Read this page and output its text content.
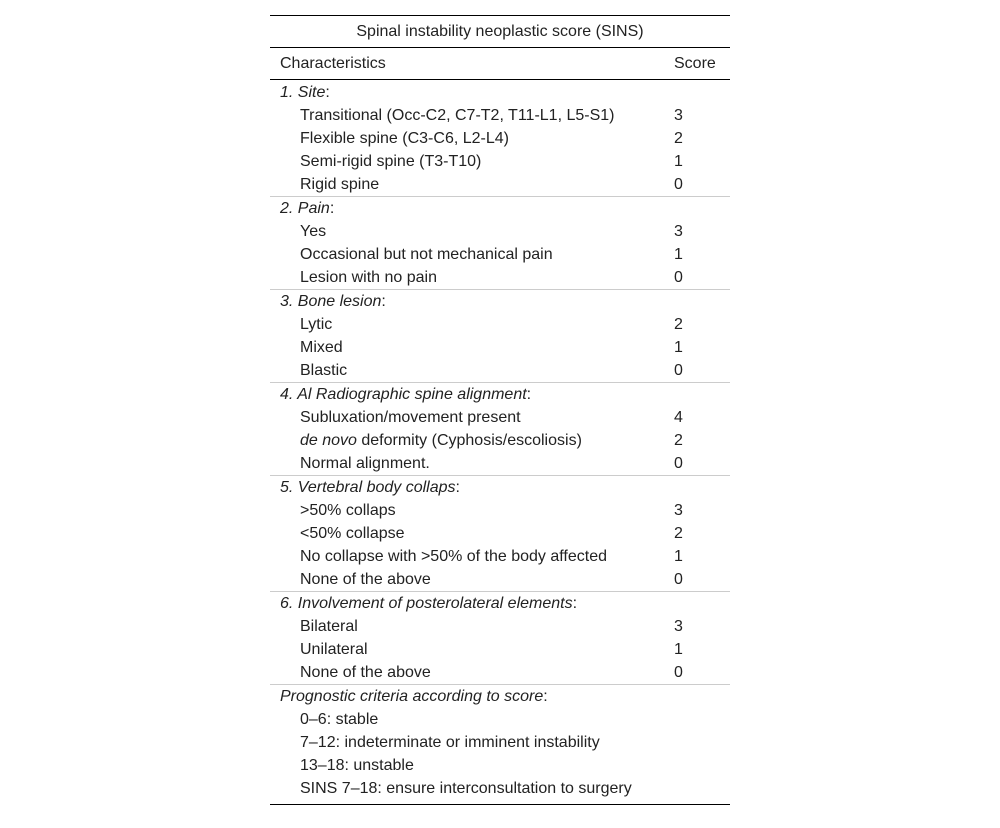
Spinal instability neoplastic score (SINS)
Characteristics	Score
1. Site:
Transitional (Occ-C2, C7-T2, T11-L1, L5-S1)	3
Flexible spine (C3-C6, L2-L4)	2
Semi-rigid spine (T3-T10)	1
Rigid spine	0
2. Pain:
Yes	3
Occasional but not mechanical pain	1
Lesion with no pain	0
3. Bone lesion:
Lytic	2
Mixed	1
Blastic	0
4. Al Radiographic spine alignment:
Subluxation/movement present	4
de novo deformity (Cyphosis/escoliosis)	2
Normal alignment.	0
5. Vertebral body collaps:
>50% collaps	3
<50% collapse	2
No collapse with >50% of the body affected	1
None of the above	0
6. Involvement of posterolateral elements:
Bilateral	3
Unilateral	1
None of the above	0
Prognostic criteria according to score:
0–6: stable
7–12: indeterminate or imminent instability
13–18: unstable
SINS 7–18: ensure interconsultation to surgery
